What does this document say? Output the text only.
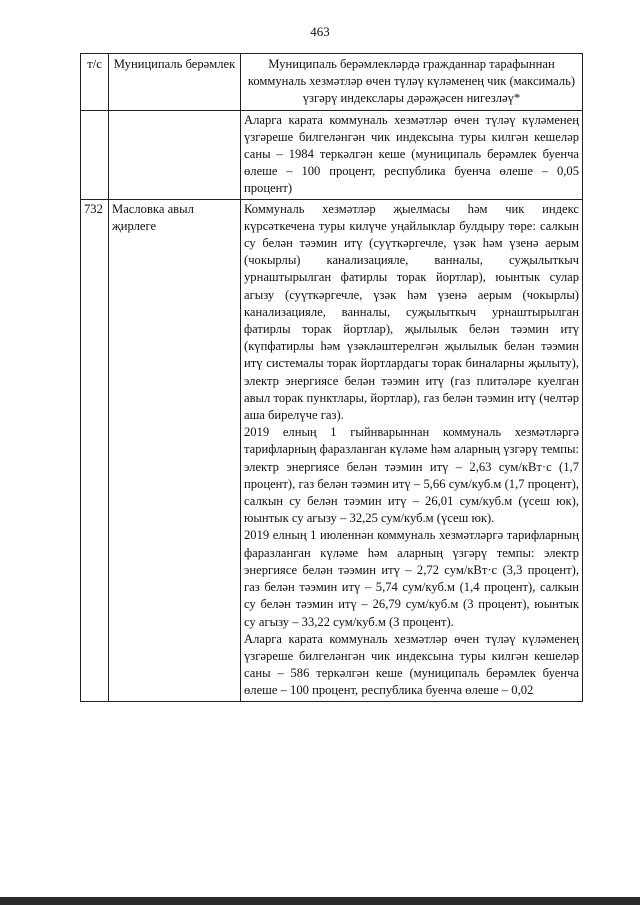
463
т/с	Муниципаль берәмлек	Муниципаль берәмлекләрдә гражданнар тарафыннан коммуналь хезмәтләр өчен түләү күләменең чик (максималь) үзгәрү индекслары дәрәҗәсен нигезләү*

		Аларга карата коммуналь хезмәтләр өчен түләү күләменең үзгәреше билгеләнгән чик индексына туры килгән кешеләр саны – 1984 теркәлгән кеше (муниципаль берәмлек буенча өлеше – 100 процент, республика буенча өлеше – 0,05 процент)

732	Масловка авыл җирлеге	Коммуналь хезмәтләр җыелмасы һәм чик индекс күрсәткечена туры килүче уңайлыклар булдыру төре: салкын су белән тәэмин итү (суүткәргечле, үзәк һәм үзенә аерым (чокырлы) канализацияле, ванналы, суҗылыткыч урнаштырылган фатирлы торак йортлар), юынтык сулар агызу (суүткәргечле, үзәк һәм үзенә аерым (чокырлы) канализацияле, ванналы, суҗылыткыч урнаштырылган фатирлы торак йортлар), җылылык белән тәэмин итү (күпфатирлы һәм үзәкләштерелгән җылылык белән тәэмин итү системалы торак йортлардагы торак биналарны җылыту), электр энергиясе белән тәэмин итү (газ плитәләре куелган авыл торак пунктлары, йортлар), газ белән тәэмин итү (челтәр аша бирелүче газ).

2019 елның 1 гыйнварыннан коммуналь хезмәтләргә тарифларның фаразланган күләме һәм аларның үзгәрү темпы: электр энергиясе белән тәэмин итү – 2,63 сум/кВт·с (1,7 процент), газ белән тәэмин итү – 5,66 сум/куб.м (1,7 процент), салкын су белән тәэмин итү – 26,01 сум/куб.м (үсеш юк), юынтык су агызу – 32,25 сум/куб.м (үсеш юк).

2019 елның 1 июленнән коммуналь хезмәтләргә тарифларның фаразланган күләме һәм аларның үзгәрү темпы: электр энергиясе белән тәэмин итү – 2,72 сум/кВт·с (3,3 процент), газ белән тәэмин итү – 5,74 сум/куб.м (1,4 процент), салкын су белән тәэмин итү – 26,79 сум/куб.м (3 процент), юынтык су агызу – 33,22 сум/куб.м (3 процент).

Аларга карата коммуналь хезмәтләр өчен түләү күләменең үзгәреше билгеләнгән чик индексына туры килгән кешеләр саны – 586 теркәлгән кеше (муниципаль берәмлек буенча өлеше – 100 процент, республика буенча өлеше – 0,02
